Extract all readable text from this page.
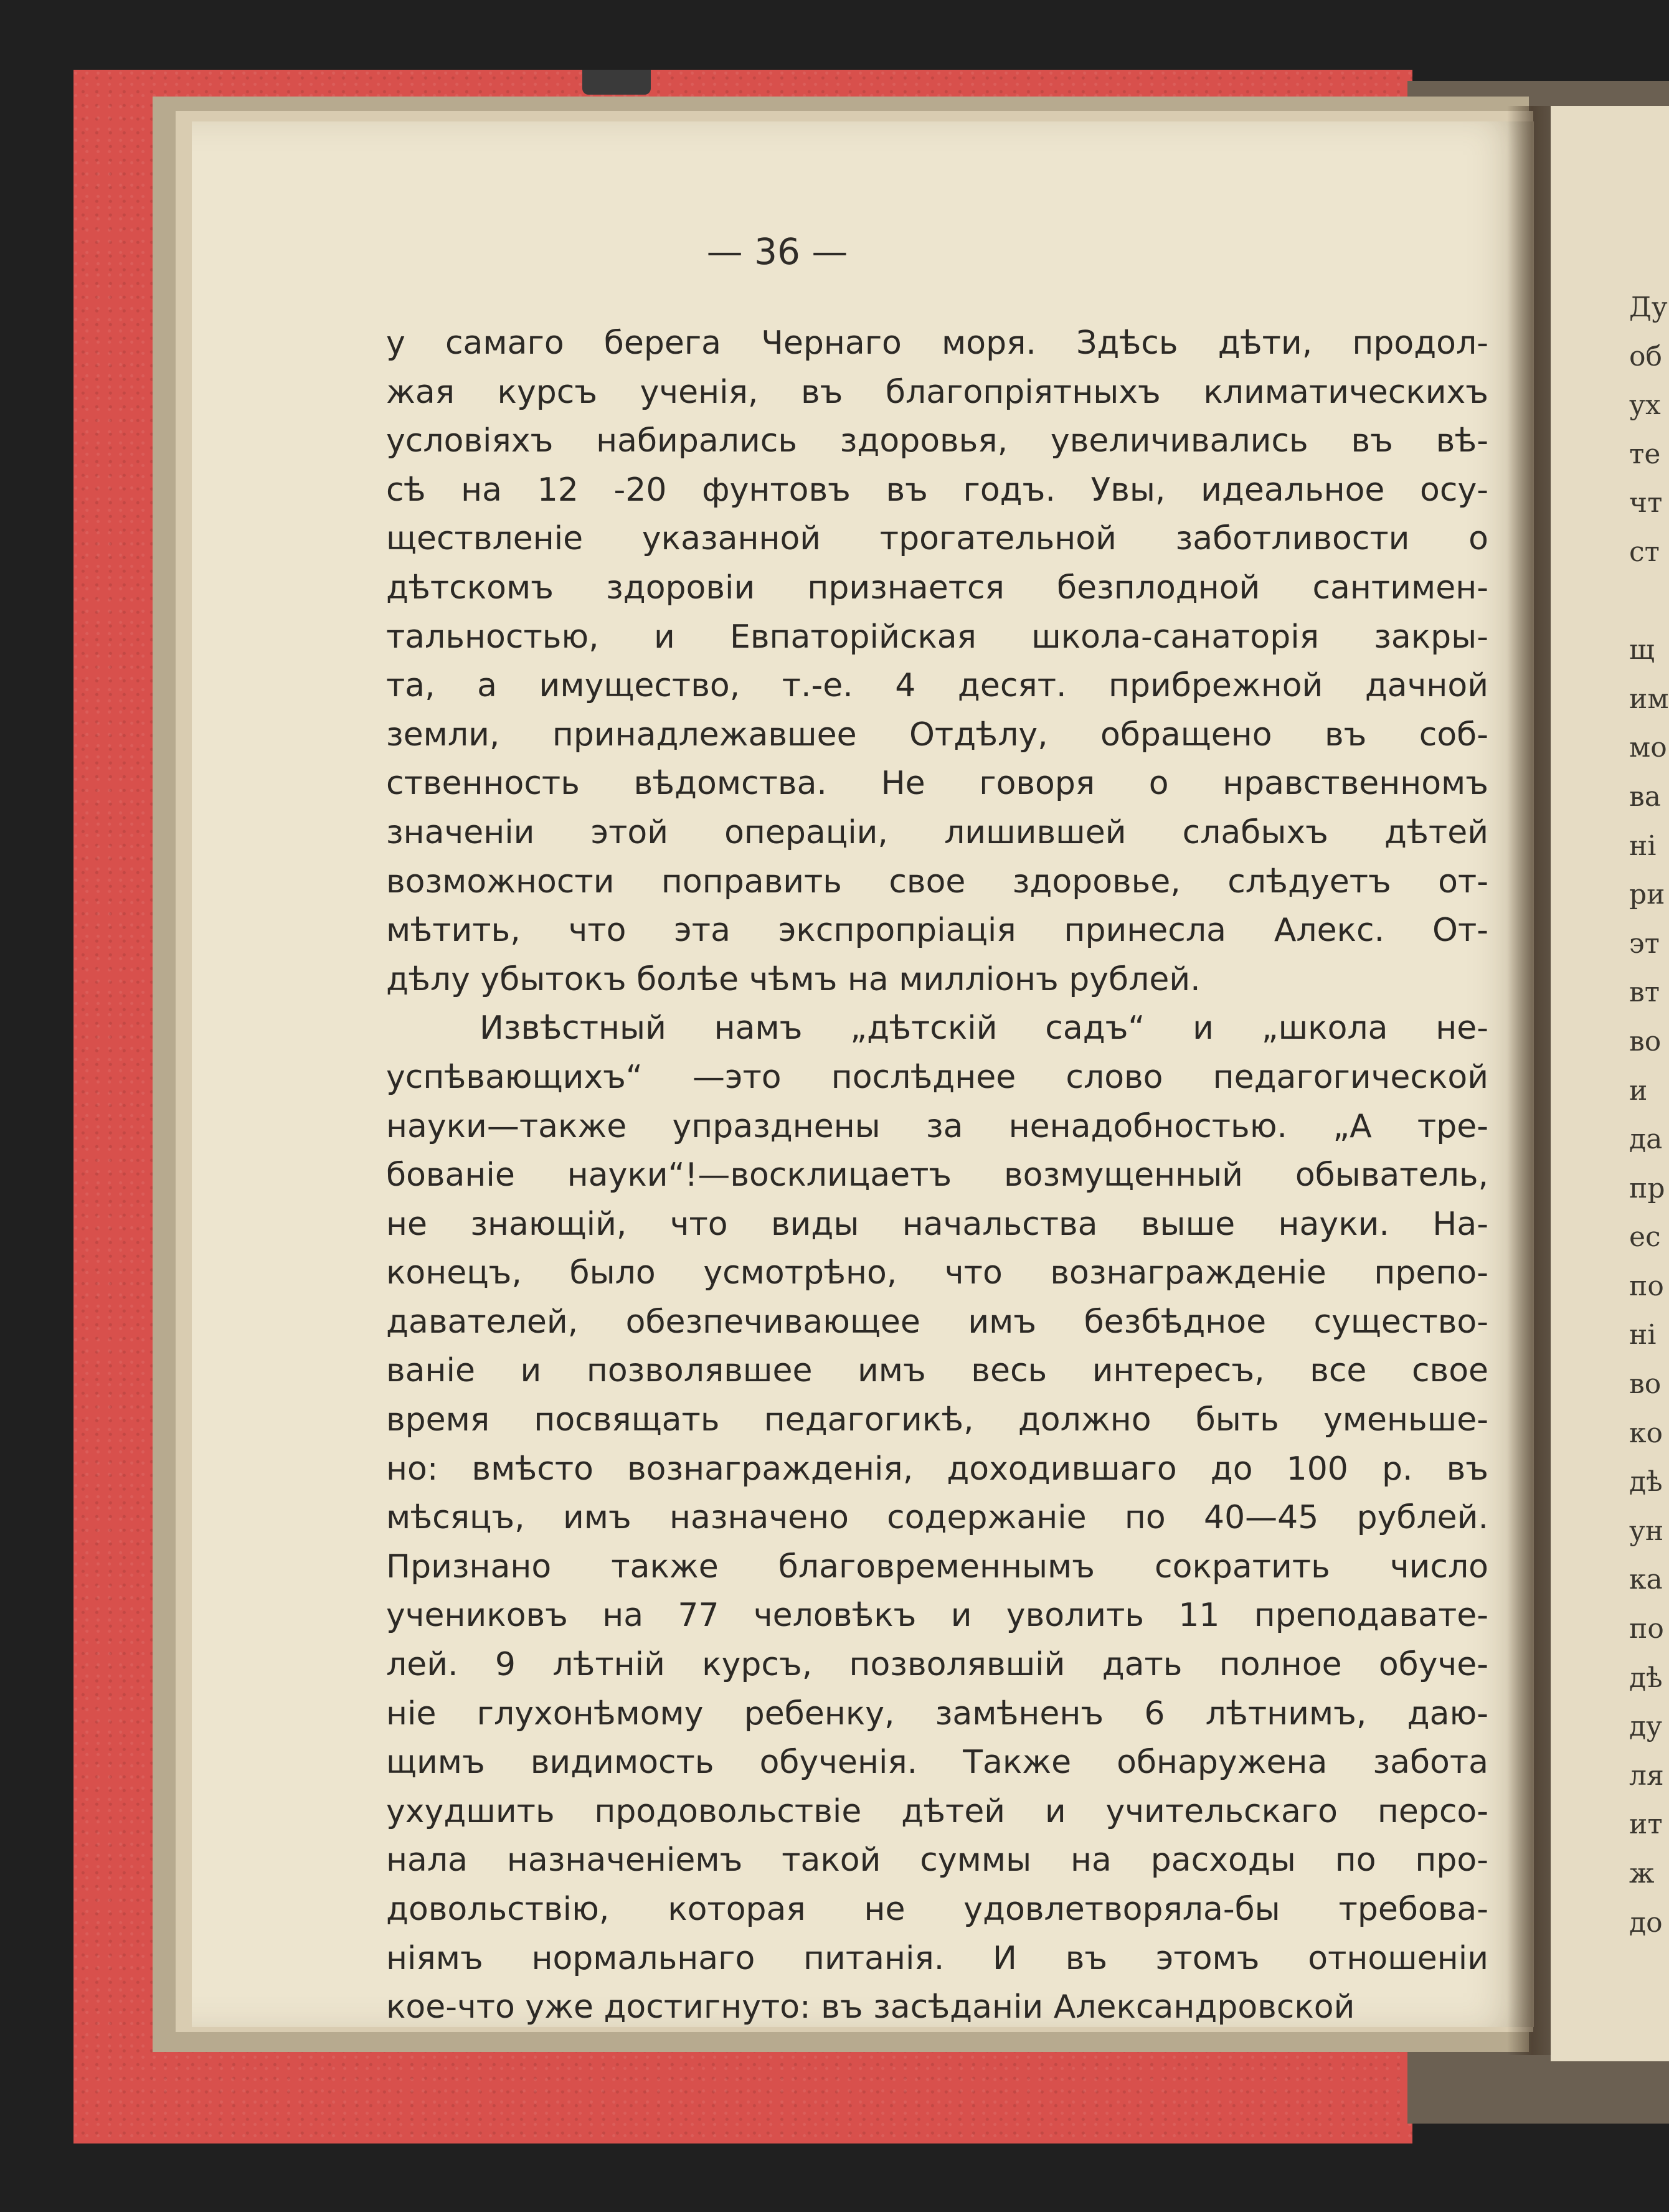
Ду
об
ух
те
чт
ст
щ
им
мо
ва
ні
ри
эт
вт
во
и
да
пр
ес
по
ні
во
ко
дѣ
ун
ка
по
дѣ
ду
ля
ит
ж
до
— 36 —
у самаго берега Чернаго моря. Здѣсь дѣти, продол-
жая курсъ ученія, въ благопріятныхъ климатическихъ
условіяхъ набирались здоровья, увеличивались въ вѣ-
сѣ на 12 -20 фунтовъ въ годъ. Увы, идеальное осу-
ществленіе указанной трогательной заботливости о
дѣтскомъ здоровіи признается безплодной сантимен-
тальностью, и Евпаторійская школа-санаторія закры-
та, а имущество, т.-е. 4 десят. прибрежной дачной
земли, принадлежавшее Отдѣлу, обращено въ соб-
ственность вѣдомства. Не говоря о нравственномъ
значеніи этой операціи, лишившей слабыхъ дѣтей
возможности поправить свое здоровье, слѣдуетъ от-
мѣтить, что эта экспропріація принесла Алекс. От-
дѣлу убытокъ болѣе чѣмъ на милліонъ рублей.
Извѣстный намъ „дѣтскій садъ“ и „школа не-
успѣвающихъ“ —это послѣднее слово педагогической
науки—также упразднены за ненадобностью. „А тре-
бованіе науки“!—восклицаетъ возмущенный обыватель,
не знающій, что виды начальства выше науки. На-
конецъ, было усмотрѣно, что вознагражденіе препо-
давателей, обезпечивающее имъ безбѣдное существо-
ваніе и позволявшее имъ весь интересъ, все свое
время посвящать педагогикѣ, должно быть уменьше-
но: вмѣсто вознагражденія, доходившаго до 100 р. въ
мѣсяцъ, имъ назначено содержаніе по 40—45 рублей.
Признано также благовременнымъ сократить число
учениковъ на 77 человѣкъ и уволить 11 преподавате-
лей. 9 лѣтній курсъ, позволявшій дать полное обуче-
ніе глухонѣмому ребенку, замѣненъ 6 лѣтнимъ, даю-
щимъ видимость обученія. Также обнаружена забота
ухудшить продовольствіе дѣтей и учительскаго персо-
нала назначеніемъ такой суммы на расходы по про-
довольствію, которая не удовлетворяла-бы требова-
ніямъ нормальнаго питанія. И въ этомъ отношеніи
кое-что уже достигнуто: въ засѣданіи Александровской
